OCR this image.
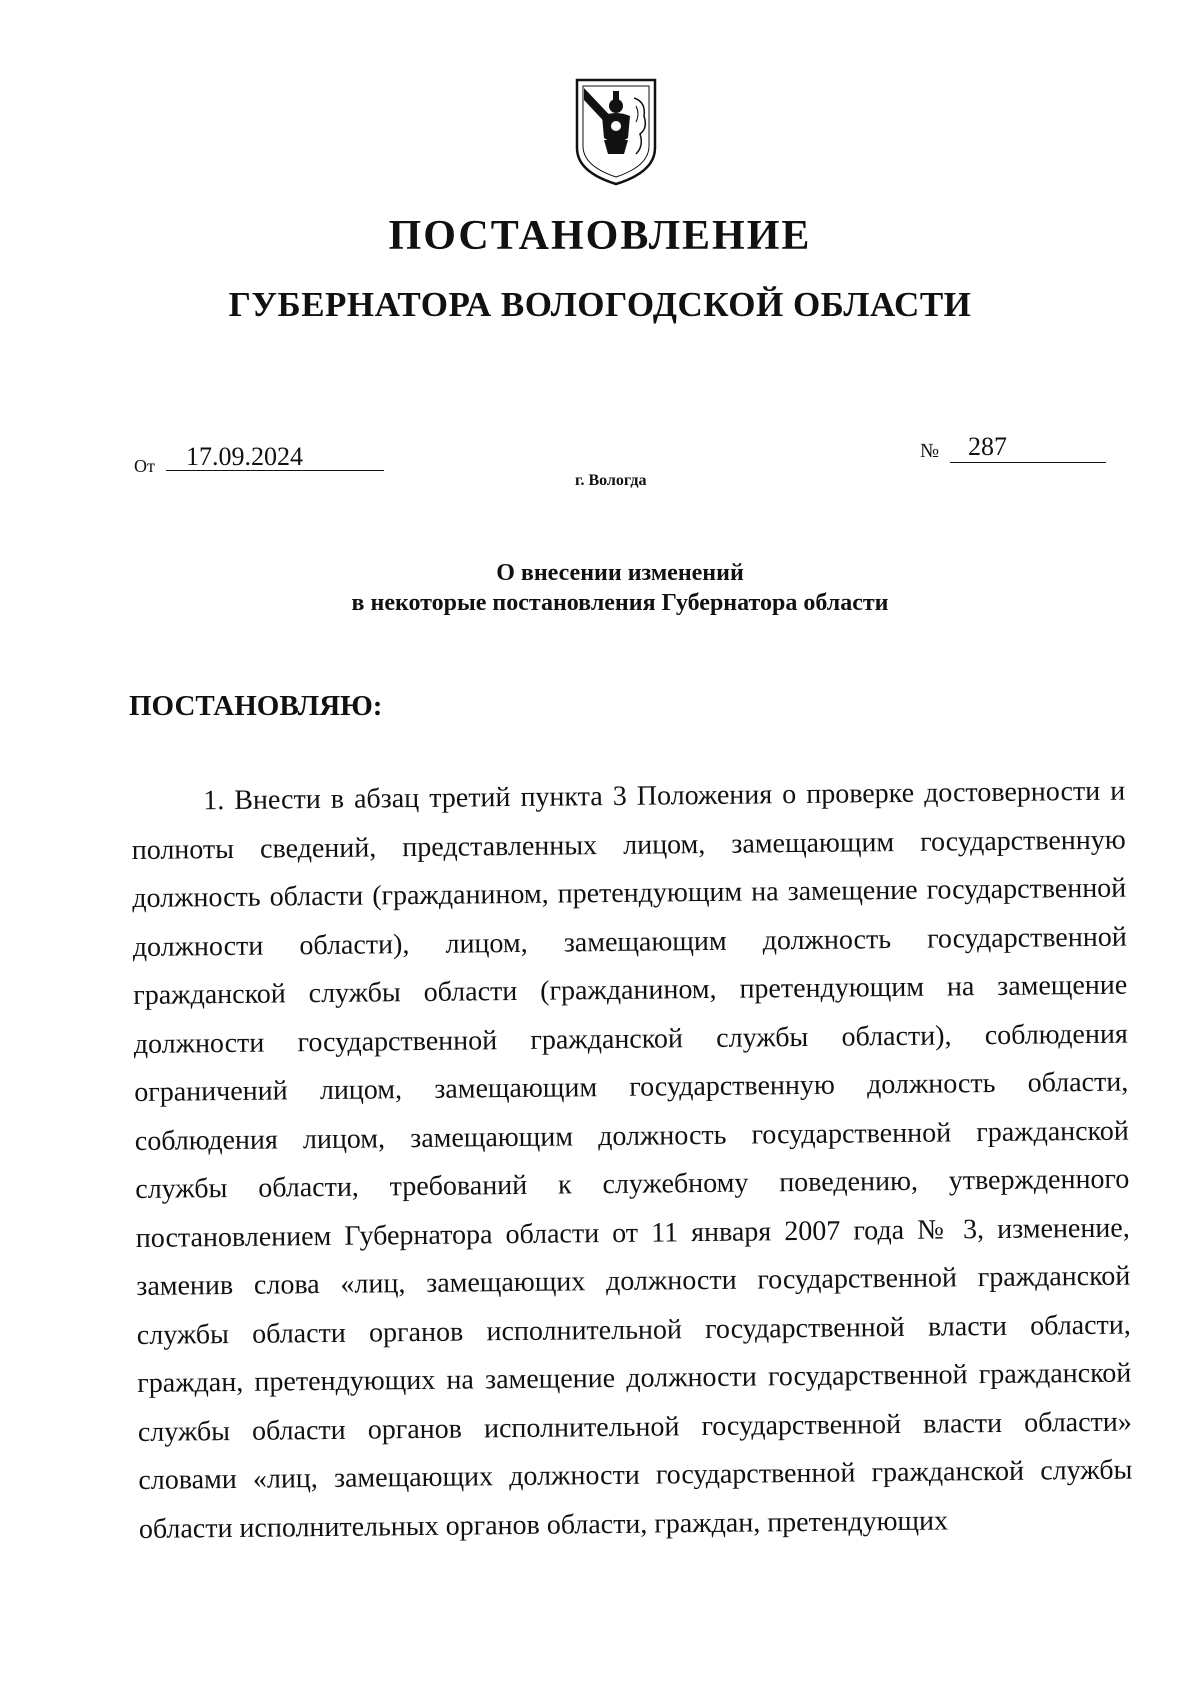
ПОСТАНОВЛЕНИЕ
ГУБЕРНАТОРА ВОЛОГОДСКОЙ ОБЛАСТИ
От 17.09.2024	№ 287
г. Вологда
О внесении изменений
в некоторые постановления Губернатора области
ПОСТАНОВЛЯЮ:

1. Внести в абзац третий пункта 3 Положения о проверке достоверности и полноты сведений, представленных лицом, замещающим государственную должность области (гражданином, претендующим на замещение государственной должности области), лицом, замещающим должность государственной гражданской службы области (гражданином, претендующим на замещение должности государственной гражданской службы области), соблюдения ограничений лицом, замещающим государственную должность области, соблюдения лицом, замещающим должность государственной гражданской службы области, требований к служебному поведению, утвержденного постановлением Губернатора области от 11 января 2007 года № 3, изменение, заменив слова «лиц, замещающих должности государственной гражданской службы области органов исполнительной государственной власти области, граждан, претендующих на замещение должности государственной гражданской службы области органов исполнительной государственной власти области» словами «лиц, замещающих должности государственной гражданской службы области исполнительных органов области, граждан, претендующих
